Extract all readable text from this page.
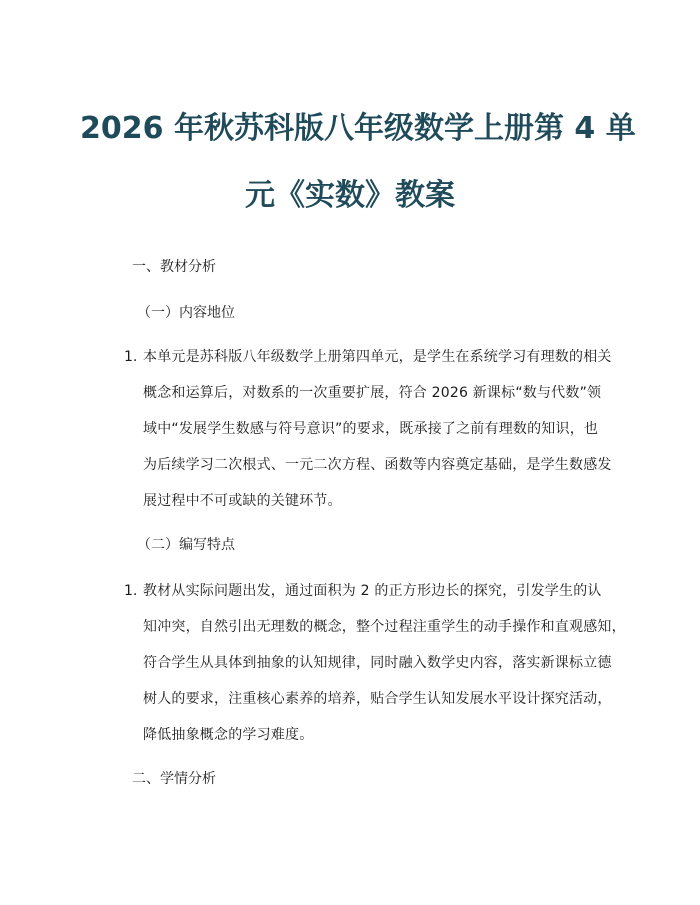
2026 年秋苏科版八年级数学上册第 4 单
元《实数》教案
一、教材分析
（一）内容地位
1. 本单元是苏科版八年级数学上册第四单元，是学生在系统学习有理数的相关
概念和运算后，对数系的一次重要扩展，符合 2026 新课标“数与代数”领
域中“发展学生数感与符号意识”的要求，既承接了之前有理数的知识，也
为后续学习二次根式、一元二次方程、函数等内容奠定基础，是学生数感发
展过程中不可或缺的关键环节。
（二）编写特点
1. 教材从实际问题出发，通过面积为 2 的正方形边长的探究，引发学生的认
知冲突，自然引出无理数的概念，整个过程注重学生的动手操作和直观感知，
符合学生从具体到抽象的认知规律，同时融入数学史内容，落实新课标立德
树人的要求，注重核心素养的培养，贴合学生认知发展水平设计探究活动，
降低抽象概念的学习难度。
二、学情分析
